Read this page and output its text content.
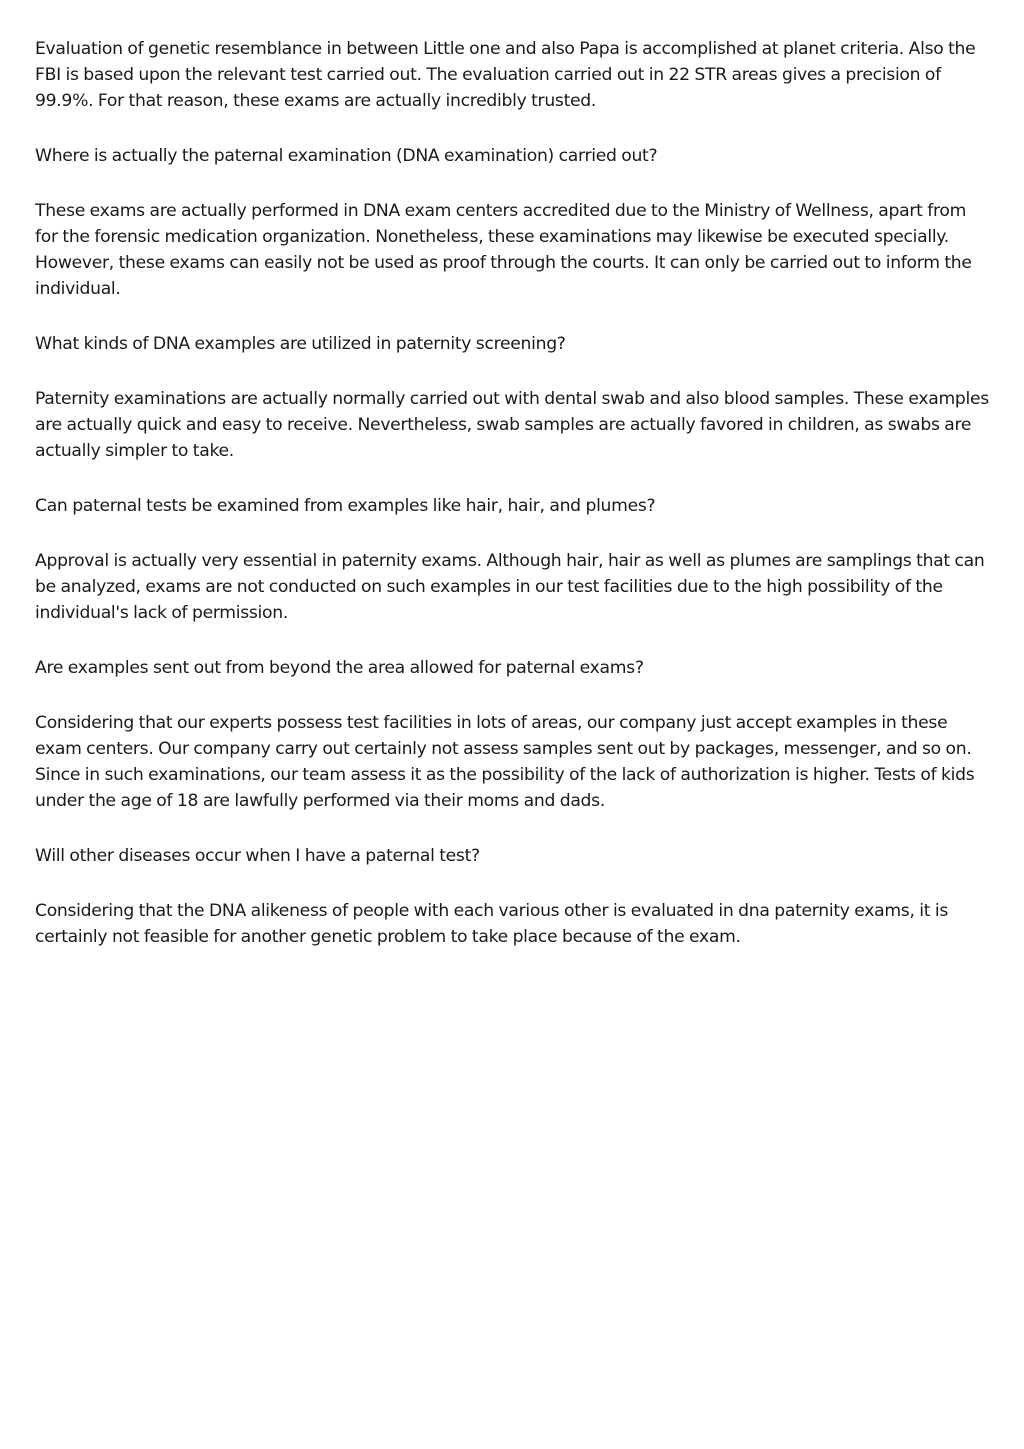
Evaluation of genetic resemblance in between Little one and also Papa is accomplished at planet criteria. Also the FBI is based upon the relevant test carried out. The evaluation carried out in 22 STR areas gives a precision of 99.9%. For that reason, these exams are actually incredibly trusted.

Where is actually the paternal examination (DNA examination) carried out?

These exams are actually performed in DNA exam centers accredited due to the Ministry of Wellness, apart from for the forensic medication organization. Nonetheless, these examinations may likewise be executed specially. However, these exams can easily not be used as proof through the courts. It can only be carried out to inform the individual.

What kinds of DNA examples are utilized in paternity screening?

Paternity examinations are actually normally carried out with dental swab and also blood samples. These examples are actually quick and easy to receive. Nevertheless, swab samples are actually favored in children, as swabs are actually simpler to take.

Can paternal tests be examined from examples like hair, hair, and plumes?

Approval is actually very essential in paternity exams. Although hair, hair as well as plumes are samplings that can be analyzed, exams are not conducted on such examples in our test facilities due to the high possibility of the individual's lack of permission.

Are examples sent out from beyond the area allowed for paternal exams?

Considering that our experts possess test facilities in lots of areas, our company just accept examples in these exam centers. Our company carry out certainly not assess samples sent out by packages, messenger, and so on. Since in such examinations, our team assess it as the possibility of the lack of authorization is higher. Tests of kids under the age of 18 are lawfully performed via their moms and dads.

Will other diseases occur when I have a paternal test?

Considering that the DNA alikeness of people with each various other is evaluated in dna paternity exams, it is certainly not feasible for another genetic problem to take place because of the exam.
